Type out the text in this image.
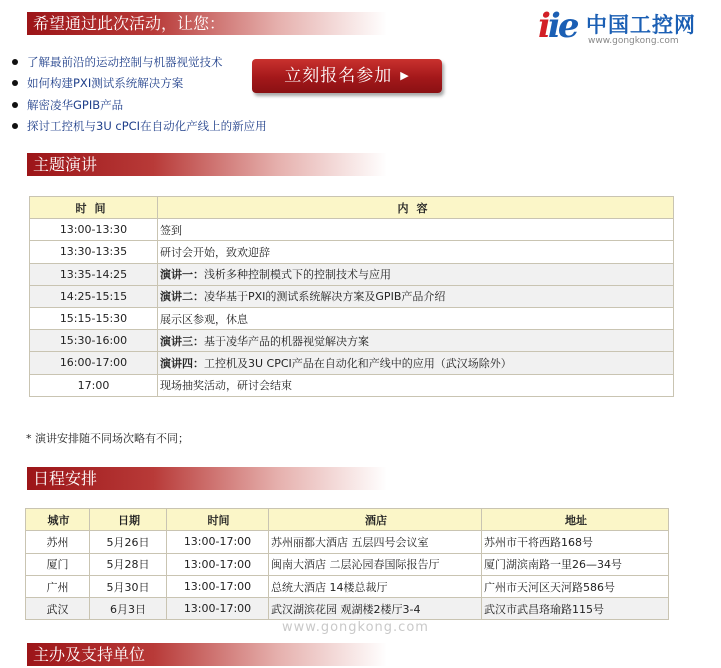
希望通过此次活动，让您：	iie 中国工控网
www.gongkong.com
了解最前沿的运动控制与机器视觉技术
如何构建PXI测试系统解决方案
解密凌华GPIB产品
探讨工控机与3U cPCI在自动化产线上的新应用
立刻报名参加 ▶
主题演讲
时间	内容
13:00-13:30	签到
13:30-13:35	研讨会开始，致欢迎辞
13:35-14:25	演讲一：浅析多种控制模式下的控制技术与应用
14:25-15:15	演讲二：凌华基于PXI的测试系统解决方案及GPIB产品介绍
15:15-15:30	展示区参观，休息
15:30-16:00	演讲三：基于凌华产品的机器视觉解决方案
16:00-17:00	演讲四：工控机及3U CPCI产品在自动化和产线中的应用（武汉场除外）
17:00	现场抽奖活动，研讨会结束
* 演讲安排随不同场次略有不同；
日程安排
城市	日期	时间	酒店	地址
苏州	5月26日	13:00-17:00	苏州丽都大酒店 五层四号会议室	苏州市干将西路168号
厦门	5月28日	13:00-17:00	闽南大酒店 二层沁园春国际报告厅	厦门湖滨南路一里26—34号
广州	5月30日	13:00-17:00	总统大酒店 14楼总裁厅	广州市天河区天河路586号
武汉	6月3日	13:00-17:00	武汉湖滨花园 观湖楼2楼厅3-4	武汉市武昌珞瑜路115号
www.gongkong.com
主办及支持单位
